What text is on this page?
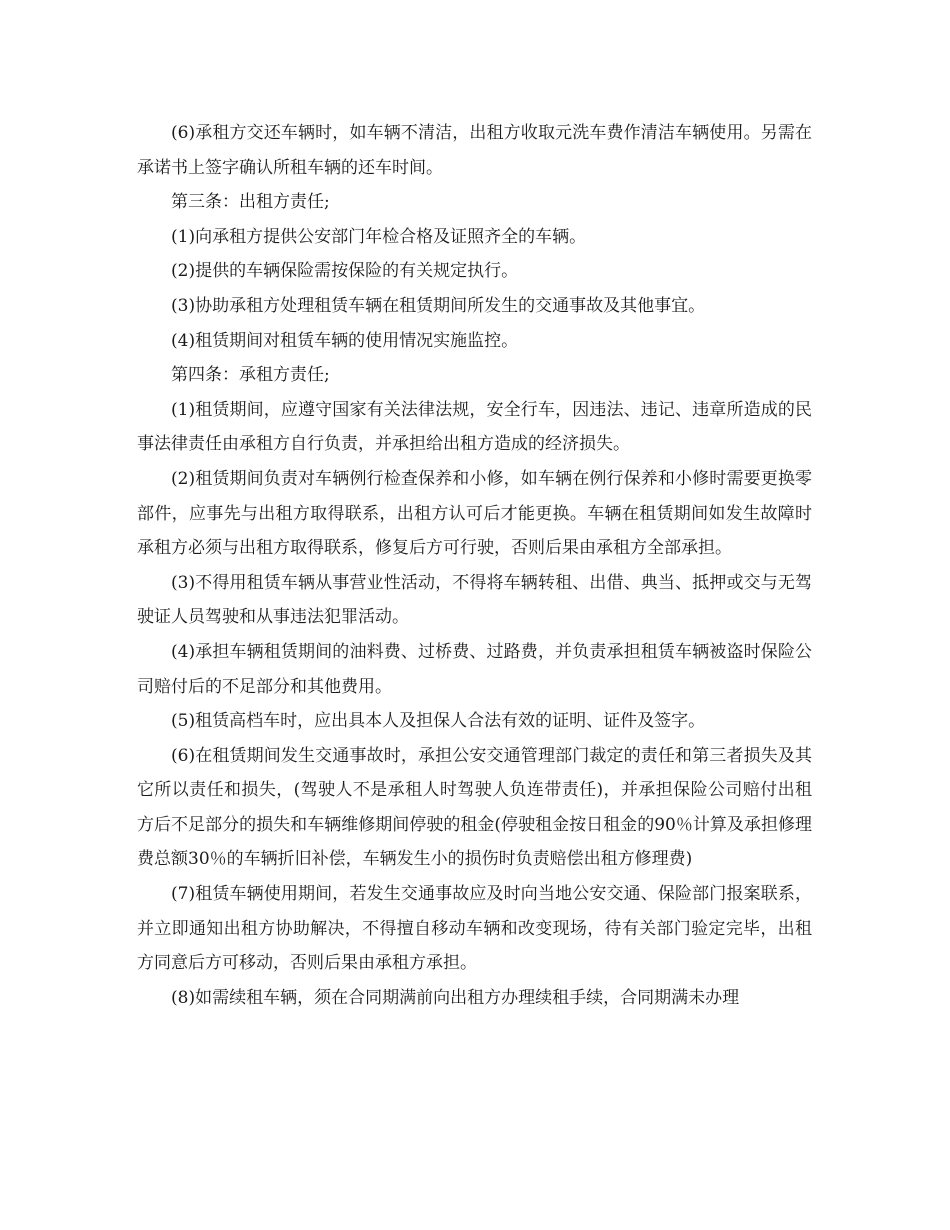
(6)承租方交还车辆时，如车辆不清洁，出租方收取元洗车费作清洁车辆使用。另需在承诺书上签字确认所租车辆的还车时间。

第三条：出租方责任;

(1)向承租方提供公安部门年检合格及证照齐全的车辆。

(2)提供的车辆保险需按保险的有关规定执行。

(3)协助承租方处理租赁车辆在租赁期间所发生的交通事故及其他事宜。

(4)租赁期间对租赁车辆的使用情况实施监控。

第四条：承租方责任;

(1)租赁期间，应遵守国家有关法律法规，安全行车，因违法、违记、违章所造成的民事法律责任由承租方自行负责，并承担给出租方造成的经济损失。

(2)租赁期间负责对车辆例行检查保养和小修，如车辆在例行保养和小修时需要更换零部件，应事先与出租方取得联系，出租方认可后才能更换。车辆在租赁期间如发生故障时承租方必须与出租方取得联系，修复后方可行驶，否则后果由承租方全部承担。

(3)不得用租赁车辆从事营业性活动，不得将车辆转租、出借、典当、抵押或交与无驾驶证人员驾驶和从事违法犯罪活动。

(4)承担车辆租赁期间的油料费、过桥费、过路费，并负责承担租赁车辆被盗时保险公司赔付后的不足部分和其他费用。

(5)租赁高档车时，应出具本人及担保人合法有效的证明、证件及签字。

(6)在租赁期间发生交通事故时，承担公安交通管理部门裁定的责任和第三者损失及其它所以责任和损失，(驾驶人不是承租人时驾驶人负连带责任)，并承担保险公司赔付出租方后不足部分的损失和车辆维修期间停驶的租金(停驶租金按日租金的90％计算及承担修理费总额30％的车辆折旧补偿，车辆发生小的损伤时负责赔偿出租方修理费)

(7)租赁车辆使用期间，若发生交通事故应及时向当地公安交通、保险部门报案联系，并立即通知出租方协助解决，不得擅自移动车辆和改变现场，待有关部门验定完毕，出租方同意后方可移动，否则后果由承租方承担。

(8)如需续租车辆，须在合同期满前向出租方办理续租手续，合同期满未办理
